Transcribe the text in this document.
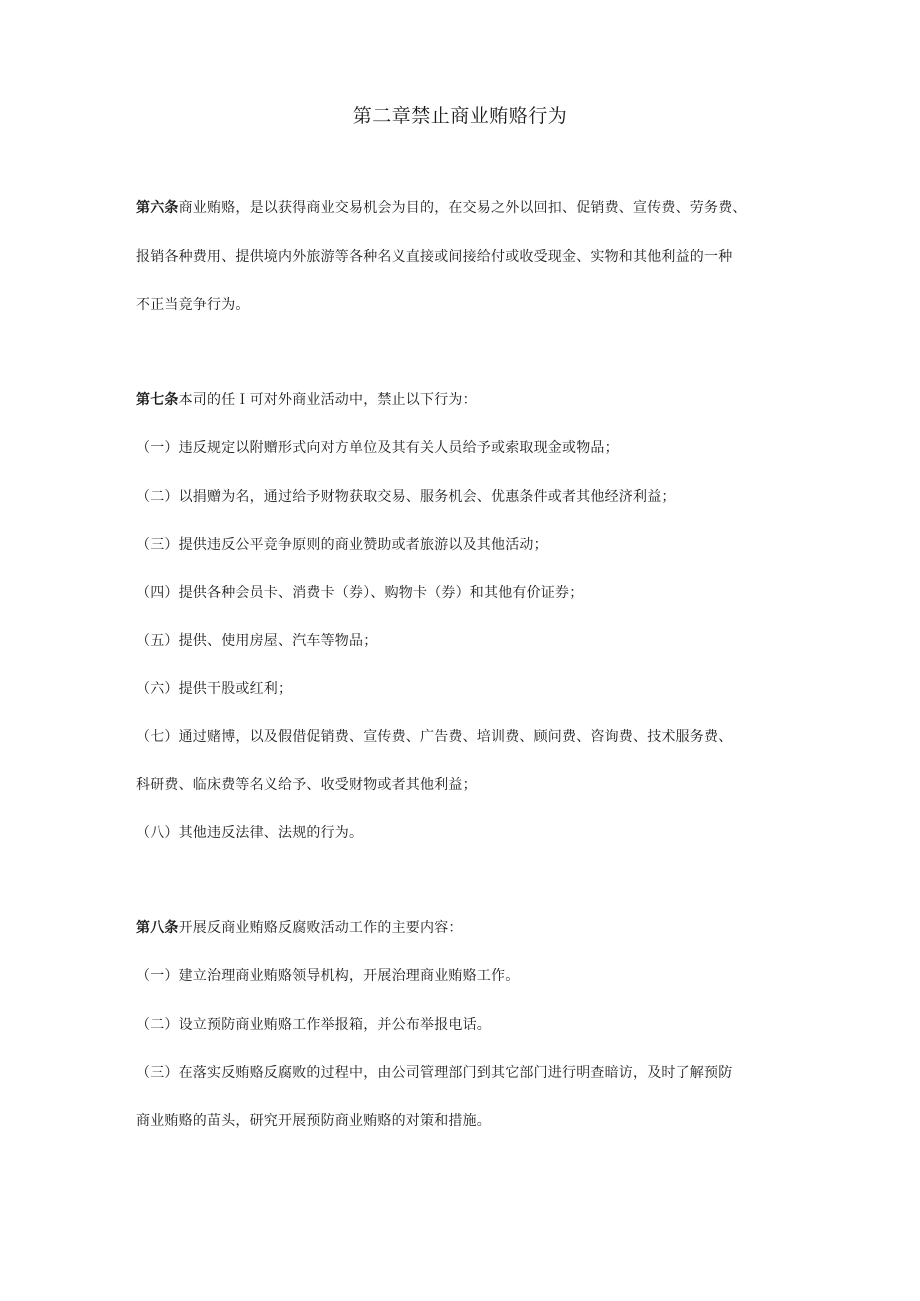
第二章禁止商业贿赂行为
第六条商业贿赂，是以获得商业交易机会为目的，在交易之外以回扣、促销费、宣传费、劳务费、
报销各种费用、提供境内外旅游等各种名义直接或间接给付或收受现金、实物和其他利益的一种
不正当竞争行为。
第七条本司的任Ｉ可对外商业活动中，禁止以下行为：
（一）违反规定以附赠形式向对方单位及其有关人员给予或索取现金或物品；
（二）以捐赠为名，通过给予财物获取交易、服务机会、优惠条件或者其他经济利益；
（三）提供违反公平竞争原则的商业赞助或者旅游以及其他活动；
（四）提供各种会员卡、消费卡（券）、购物卡（券）和其他有价证券；
（五）提供、使用房屋、汽车等物品；
（六）提供干股或红利；
（七）通过赌博，以及假借促销费、宣传费、广告费、培训费、顾问费、咨询费、技术服务费、
科研费、临床费等名义给予、收受财物或者其他利益；
（八）其他违反法律、法规的行为。
第八条开展反商业贿赂反腐败活动工作的主要内容：
（一）建立治理商业贿赂领导机构，开展治理商业贿赂工作。
（二）设立预防商业贿赂工作举报箱，并公布举报电话。
（三）在落实反贿赂反腐败的过程中，由公司管理部门到其它部门进行明查暗访，及时了解预防
商业贿赂的苗头，研究开展预防商业贿赂的对策和措施。
